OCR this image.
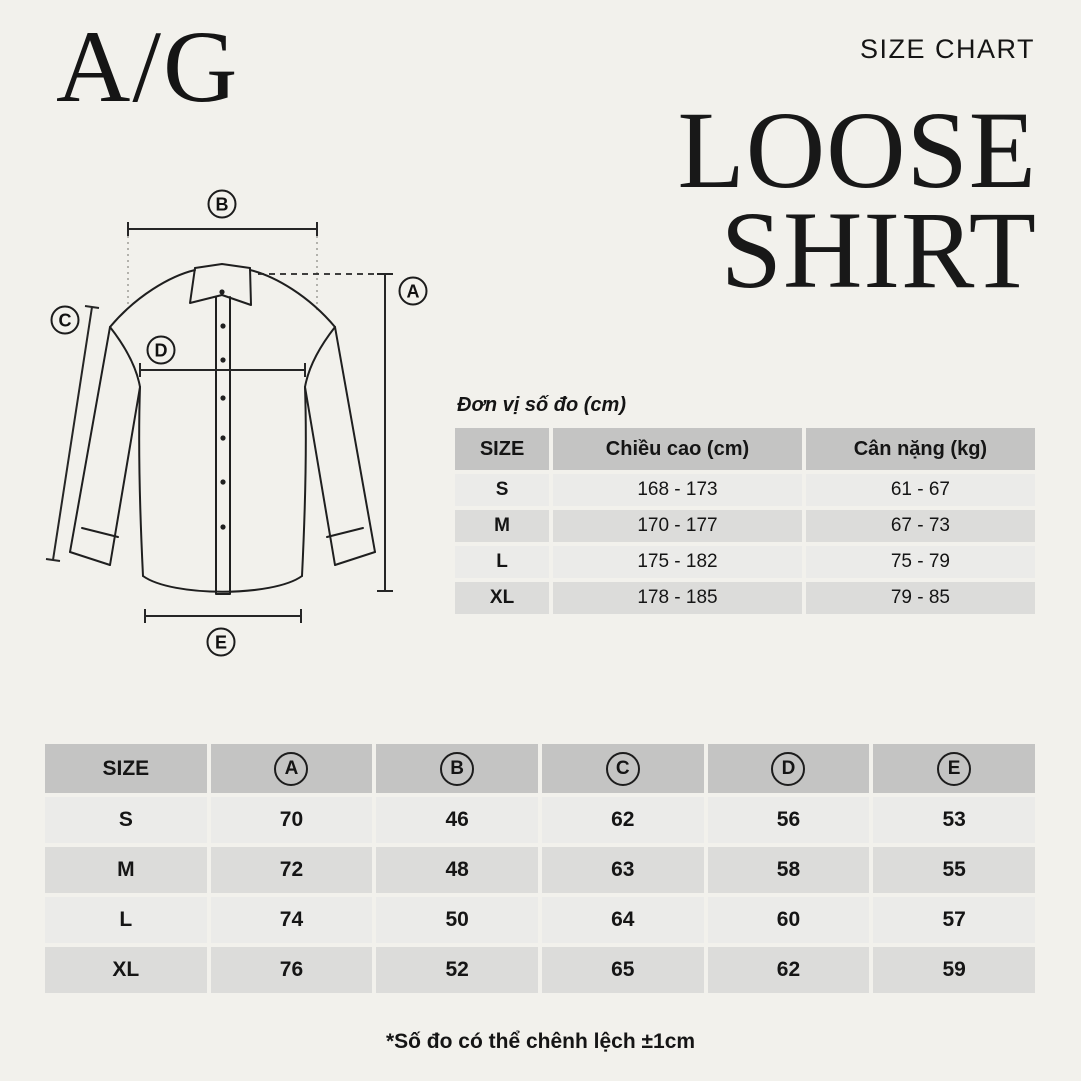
A/G	SIZE CHART
LOOSE
SHIRT
B
A
C
D
E
Đơn vị số đo (cm)
SIZE	Chiều cao (cm)	Cân nặng (kg)
S	168 - 173	61 - 67
M	170 - 177	67 - 73
L	175 - 182	75 - 79
XL	178 - 185	79 - 85
SIZE	A	B	C	D	E
S	70	46	62	56	53
M	72	48	63	58	55
L	74	50	64	60	57
XL	76	52	65	62	59
*Số đo có thể chênh lệch ±1cm
